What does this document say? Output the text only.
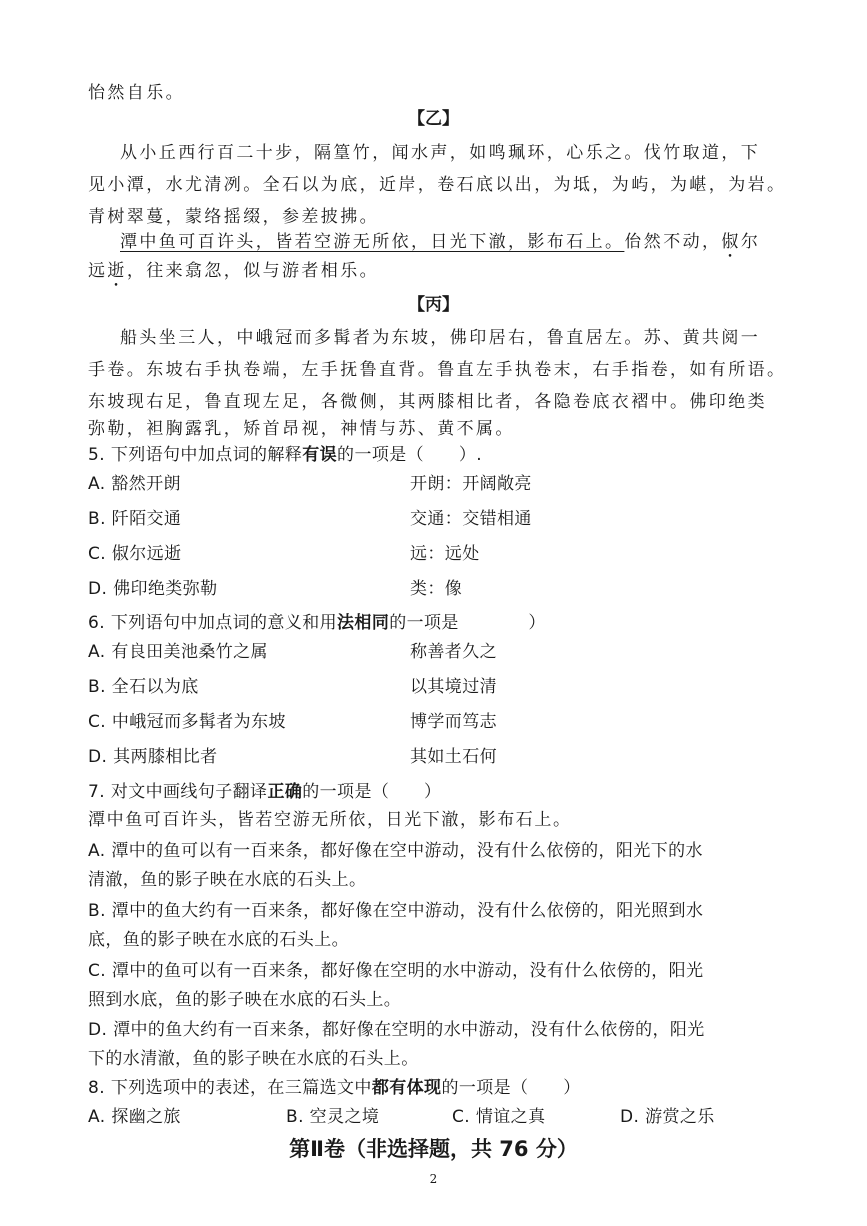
怡然自乐。
【乙】
从小丘西行百二十步，隔篁竹，闻水声，如鸣珮环，心乐之。伐竹取道，下
见小潭，水尤清冽。全石以为底，近岸，卷石底以出，为坻，为屿，为嵁，为岩。
青树翠蔓，蒙络摇缀，参差披拂。
潭中鱼可百许头，皆若空游无所依，日光下澈，影布石上。佁然不动，俶尔
远逝，往来翕忽，似与游者相乐。
【丙】
船头坐三人，中峨冠而多髯者为东坡，佛印居右，鲁直居左。苏、黄共阅一
手卷。东坡右手执卷端，左手抚鲁直背。鲁直左手执卷末，右手指卷，如有所语。
东坡现右足，鲁直现左足，各微侧，其两膝相比者，各隐卷底衣褶中。佛印绝类
弥勒，袒胸露乳，矫首昂视，神情与苏、黄不属。
5. 下列语句中加点词的解释有误的一项是（　　）.
A. 豁然开朗	开朗：开阔敞亮
B. 阡陌交通	交通：交错相通
C. 俶尔远逝	远：远处
D. 佛印绝类弥勒	类：像
6. 下列语句中加点词的意义和用法相同的一项是　　　　）
A. 有良田美池桑竹之属	称善者久之
B. 全石以为底	以其境过清
C. 中峨冠而多髯者为东坡	博学而笃志
D. 其两膝相比者	其如土石何
7. 对文中画线句子翻译正确的一项是（　　）
潭中鱼可百许头，皆若空游无所依，日光下澈，影布石上。
A. 潭中的鱼可以有一百来条，都好像在空中游动，没有什么依傍的，阳光下的水
清澈，鱼的影子映在水底的石头上。
B. 潭中的鱼大约有一百来条，都好像在空中游动，没有什么依傍的，阳光照到水
底，鱼的影子映在水底的石头上。
C. 潭中的鱼可以有一百来条，都好像在空明的水中游动，没有什么依傍的，阳光
照到水底，鱼的影子映在水底的石头上。
D. 潭中的鱼大约有一百来条，都好像在空明的水中游动，没有什么依傍的，阳光
下的水清澈，鱼的影子映在水底的石头上。
8. 下列选项中的表述，在三篇选文中都有体现的一项是（　　）
A. 探幽之旅	B. 空灵之境	C. 情谊之真	D. 游赏之乐
第Ⅱ卷（非选择题，共 76 分）
2
